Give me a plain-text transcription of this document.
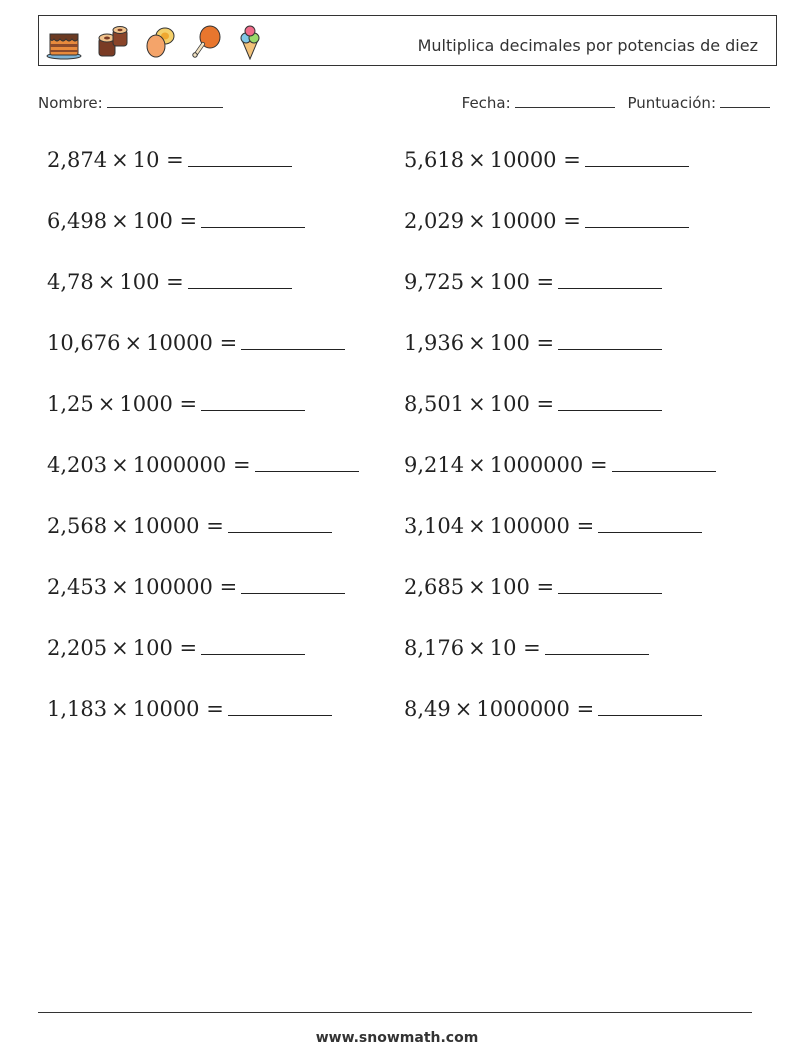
Multiplica decimales por potencias de diez
Nombre:	Fecha:	Puntuación:
2,874 × 10 =
6,498 × 100 =
4,78 × 100 =
10,676 × 10000 =
1,25 × 1000 =
4,203 × 1000000 =
2,568 × 10000 =
2,453 × 100000 =
2,205 × 100 =
1,183 × 10000 =
5,618 × 10000 =
2,029 × 10000 =
9,725 × 100 =
1,936 × 100 =
8,501 × 100 =
9,214 × 1000000 =
3,104 × 100000 =
2,685 × 100 =
8,176 × 10 =
8,49 × 1000000 =
www.snowmath.com
